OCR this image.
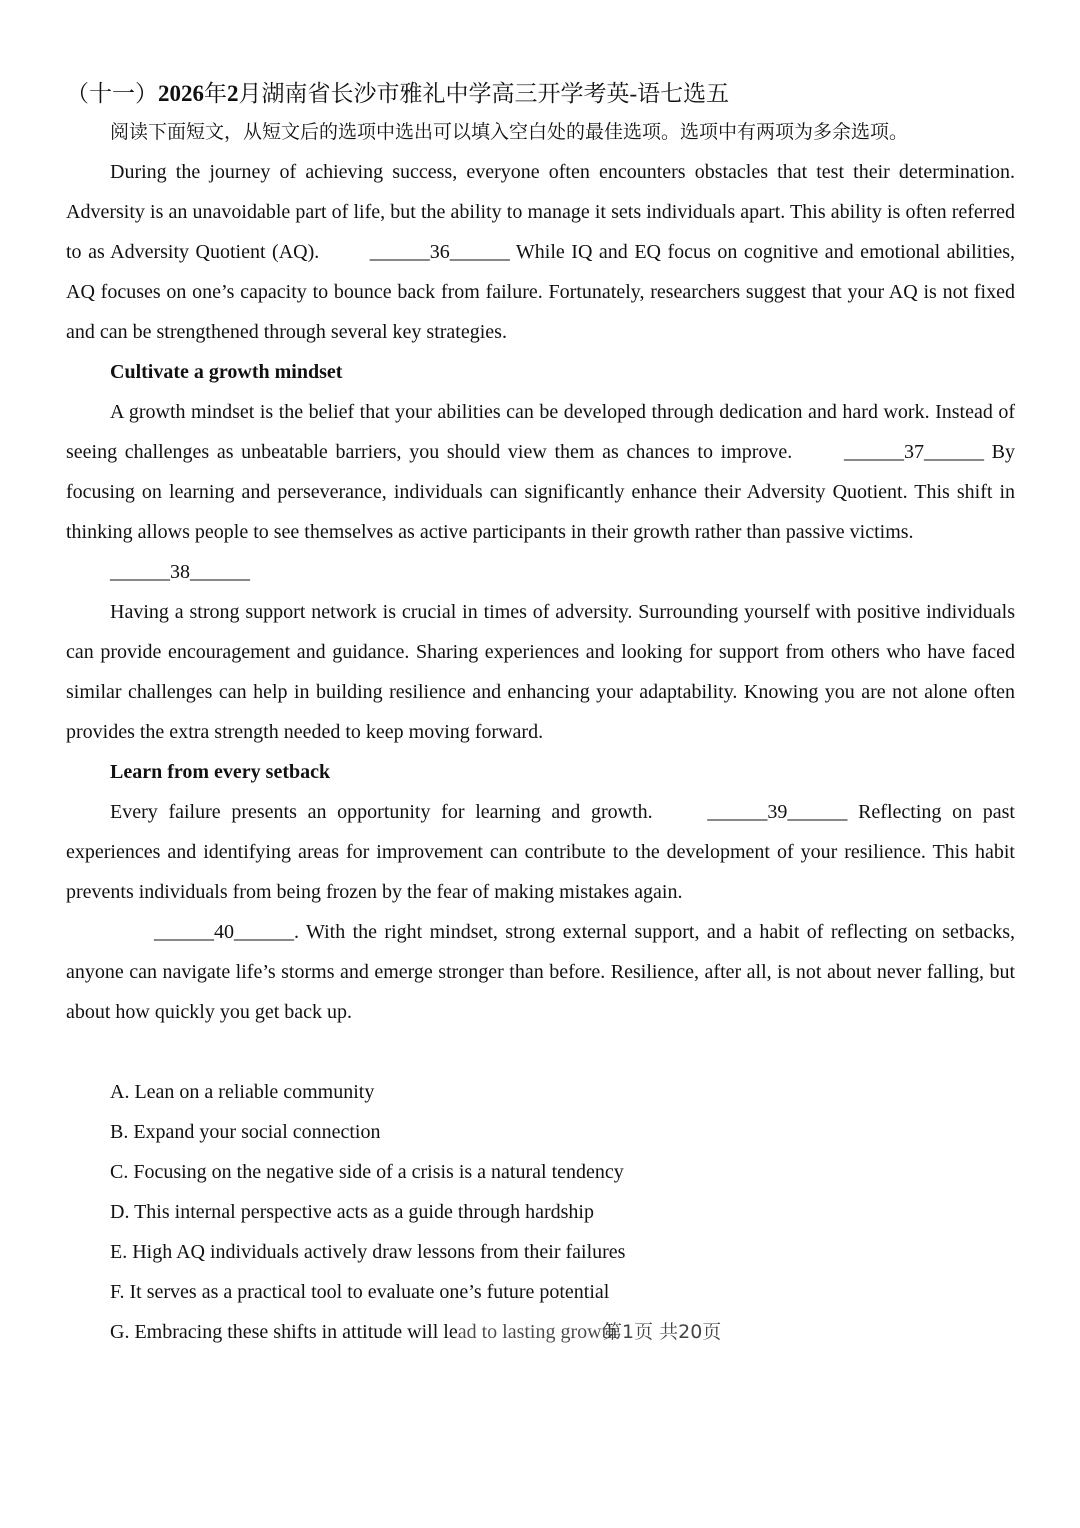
（十一）2026年2月湖南省长沙市雅礼中学高三开学考英-语七选五

阅读下面短文，从短文后的选项中选出可以填入空白处的最佳选项。选项中有两项为多余选项。

During the journey of achieving success, everyone often encounters obstacles that test their determination. Adversity is an unavoidable part of life, but the ability to manage it sets individuals apart. This ability is often referred to as Adversity Quotient (AQ). ______36______ While IQ and EQ focus on cognitive and emotional abilities, AQ focuses on one’s capacity to bounce back from failure. Fortunately, researchers suggest that your AQ is not fixed and can be strengthened through several key strategies.

Cultivate a growth mindset

A growth mindset is the belief that your abilities can be developed through dedication and hard work. Instead of seeing challenges as unbeatable barriers, you should view them as chances to improve. ______37______ By focusing on learning and perseverance, individuals can significantly enhance their Adversity Quotient. This shift in thinking allows people to see themselves as active participants in their growth rather than passive victims.

______38______

Having a strong support network is crucial in times of adversity. Surrounding yourself with positive individuals can provide encouragement and guidance. Sharing experiences and looking for support from others who have faced similar challenges can help in building resilience and enhancing your adaptability. Knowing you are not alone often provides the extra strength needed to keep moving forward.

Learn from every setback

Every failure presents an opportunity for learning and growth. ______39______ Reflecting on past experiences and identifying areas for improvement can contribute to the development of your resilience. This habit prevents individuals from being frozen by the fear of making mistakes again.

______40______. With the right mindset, strong external support, and a habit of reflecting on setbacks, anyone can navigate life’s storms and emerge stronger than before. Resilience, after all, is not about never falling, but about how quickly you get back up.

A. Lean on a reliable community

B. Expand your social connection

C. Focusing on the negative side of a crisis is a natural tendency

D. This internal perspective acts as a guide through hardship

E. High AQ individuals actively draw lessons from their failures

F. It serves as a practical tool to evaluate one’s future potential

G. Embracing these shifts in attitude will lead to lasting growth
第1页 共20页
